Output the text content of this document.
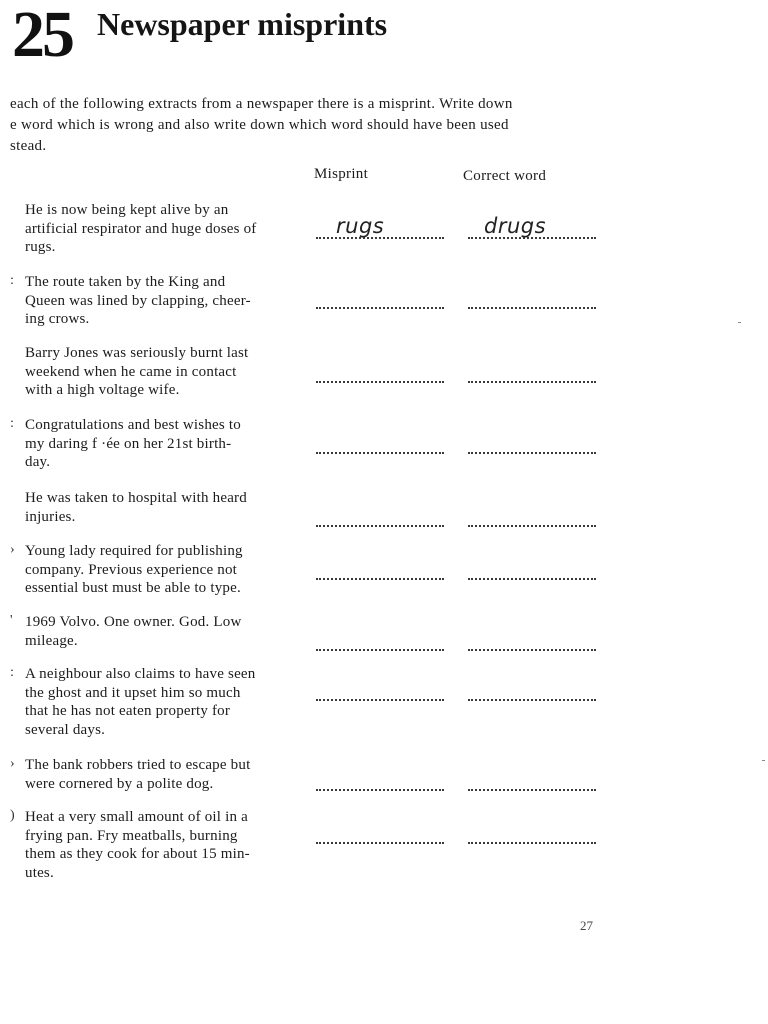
25 Newspaper misprints
each of the following extracts from a newspaper there is a misprint. Write down
e word which is wrong and also write down which word should have been used
stead.
Misprint	Correct word
He is now being kept alive by an
artificial respirator and huge doses of
rugs.
rugs	drugs
: The route taken by the King and
Queen was lined by clapping, cheer-
ing crows.
Barry Jones was seriously burnt last
weekend when he came in contact
with a high voltage wife.
: Congratulations and best wishes to
my daring f ·ée on her 21st birth-
day.
He was taken to hospital with heard
injuries.
› Young lady required for publishing
company. Previous experience not
essential bust must be able to type.
' 1969 Volvo. One owner. God. Low
mileage.
: A neighbour also claims to have seen
the ghost and it upset him so much
that he has not eaten property for
several days.
› The bank robbers tried to escape but
were cornered by a polite dog.
) Heat a very small amount of oil in a
frying pan. Fry meatballs, burning
them as they cook for about 15 min-
utes.
27
